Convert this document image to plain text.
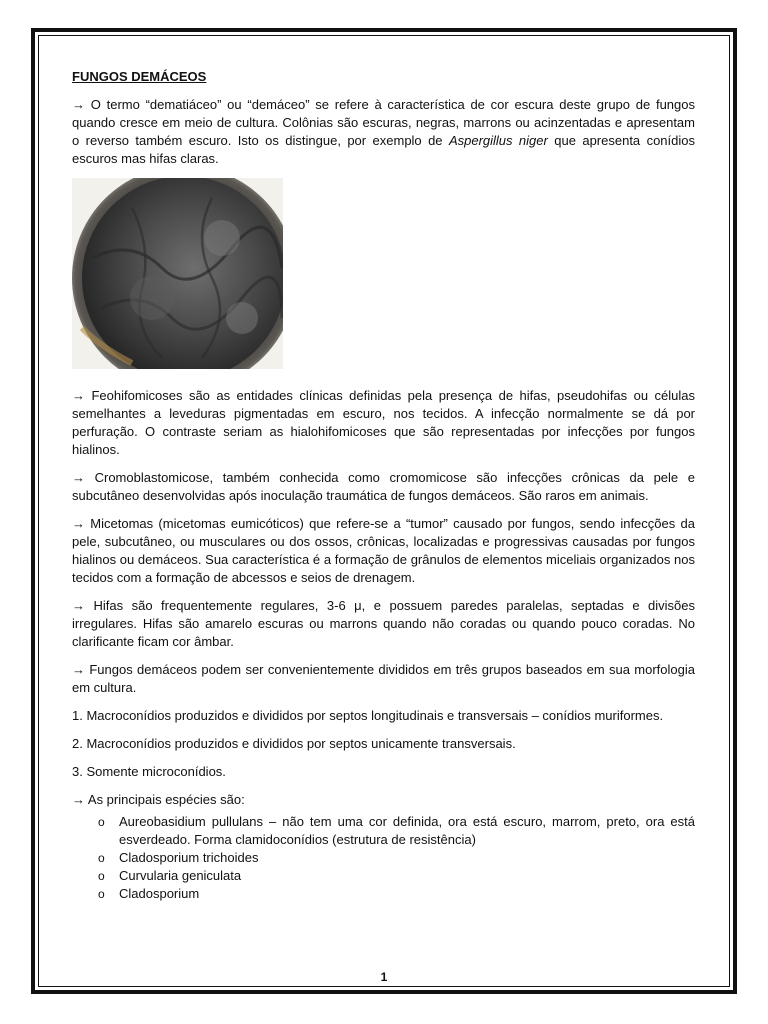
FUNGOS DEMÁCEOS

→ O termo “dematiáceo” ou “demáceo” se refere à característica de cor escura deste grupo de fungos quando cresce em meio de cultura. Colônias são escuras, negras, marrons ou acinzentadas e apresentam o reverso também escuro. Isto os distingue, por exemplo de Aspergillus niger que apresenta conídios escuros mas hifas claras.

→ Feohifomicoses são as entidades clínicas definidas pela presença de hifas, pseudohifas ou células semelhantes a leveduras pigmentadas em escuro, nos tecidos. A infecção normalmente se dá por perfuração. O contraste seriam as hialohifomicoses que são representadas por infecções por fungos hialinos.

→ Cromoblastomicose, também conhecida como cromomicose são infecções crônicas da pele e subcutâneo desenvolvidas após inoculação traumática de fungos demáceos. São raros em animais.

→ Micetomas (micetomas eumicóticos) que refere-se a “tumor” causado por fungos, sendo infecções da pele, subcutâneo, ou musculares ou dos ossos, crônicas, localizadas e progressivas causadas por fungos hialinos ou demáceos. Sua característica é a formação de grânulos de elementos miceliais organizados nos tecidos com a formação de abcessos e seios de drenagem.

→ Hifas são frequentemente regulares, 3-6 μ, e possuem paredes paralelas, septadas e divisões irregulares. Hifas são amarelo escuras ou marrons quando não coradas ou quando pouco coradas. No clarificante ficam cor âmbar.

→ Fungos demáceos podem ser convenientemente divididos em três grupos baseados em sua morfologia em cultura.

1. Macroconídios produzidos e divididos por septos longitudinais e transversais – conídios muriformes.

2. Macroconídios produzidos e divididos por septos unicamente transversais.

3. Somente microconídios.

→ As principais espécies são:

o Aureobasidium pullulans – não tem uma cor definida, ora está escuro, marrom, preto, ora está esverdeado. Forma clamidoconídios (estrutura de resistência)
o Cladosporium trichoides
o Curvularia geniculata
o Cladosporium
1
